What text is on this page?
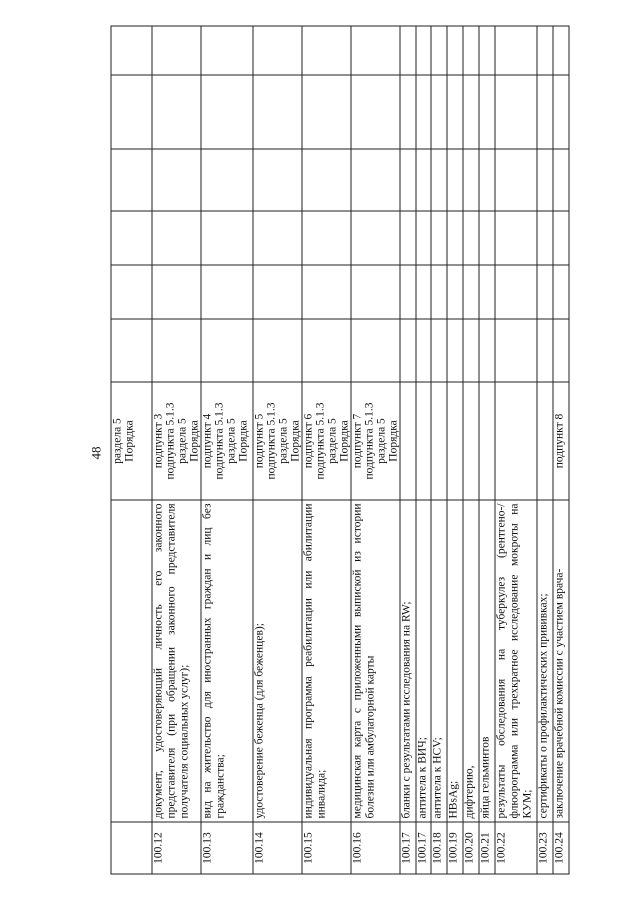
48

		раздела 5 Порядка						

100.12	документ, удостоверяющий личность его законного представителя (при обращении законного представителя получателя социальных услуг);	подпункт 3 подпункта 5.1.3 раздела 5 Порядка						

100.13	вид на жительство для иностранных граждан и лиц без гражданства;	подпункт 4 подпункта 5.1.3 раздела 5 Порядка						

100.14	удостоверение беженца (для беженцев);	подпункт 5 подпункта 5.1.3 раздела 5 Порядка						

100.15	индивидуальная программа реабилитации или абилитации инвалида;	подпункт 6 подпункта 5.1.3 раздела 5 Порядка						

100.16	медицинская карта с приложенными выпиской из истории болезни или амбулаторной карты	подпункт 7 подпункта 5.1.3 раздела 5 Порядка						

100.17	бланки с результатами исследования на RW;							
100.17	антитела к ВИЧ;							
100.18	антитела к HCV;							
100.19	HBsAg;							
100.20	дифтерию,							
100.21	яйца гельминтов							
100.22	результаты обследования на туберкулез (рентгено-/флюорограмма или трехкратное исследование мокроты на КУМ;							
100.23	сертификаты о профилактических прививках;							
100.24	заключение врачебной комиссии с участием врача-	подпункт 8						
